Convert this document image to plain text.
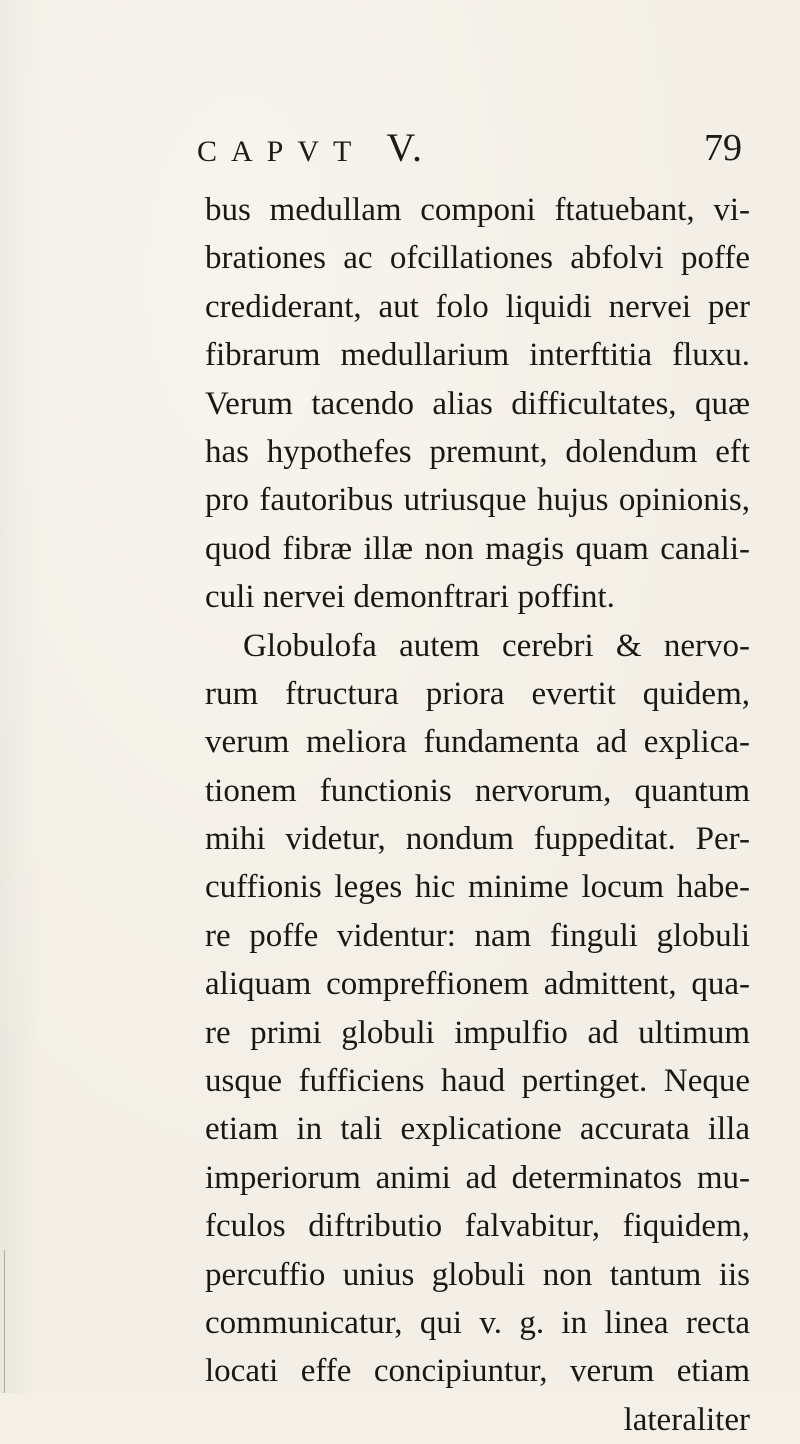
CAPVT V.	79
bus medullam componi ftatuebant, vi-
brationes ac ofcillationes abfolvi poffe
crediderant, aut folo liquidi nervei per
fibrarum medullarium interftitia fluxu.
Verum tacendo alias difficultates, quæ
has hypothefes premunt, dolendum eft
pro fautoribus utriusque hujus opinionis,
quod fibræ illæ non magis quam canali-
culi nervei demonftrari poffint.
Globulofa autem cerebri & nervo-
rum ftructura priora evertit quidem,
verum meliora fundamenta ad explica-
tionem functionis nervorum, quantum
mihi videtur, nondum fuppeditat. Per-
cuffionis leges hic minime locum habe-
re poffe videntur: nam finguli globuli
aliquam compreffionem admittent, qua-
re primi globuli impulfio ad ultimum
usque fufficiens haud pertinget. Neque
etiam in tali explicatione accurata illa
imperiorum animi ad determinatos mu-
fculos diftributio falvabitur, fiquidem,
percuffio unius globuli non tantum iis
communicatur, qui v. g. in linea recta
locati effe concipiuntur, verum etiam
lateraliter
